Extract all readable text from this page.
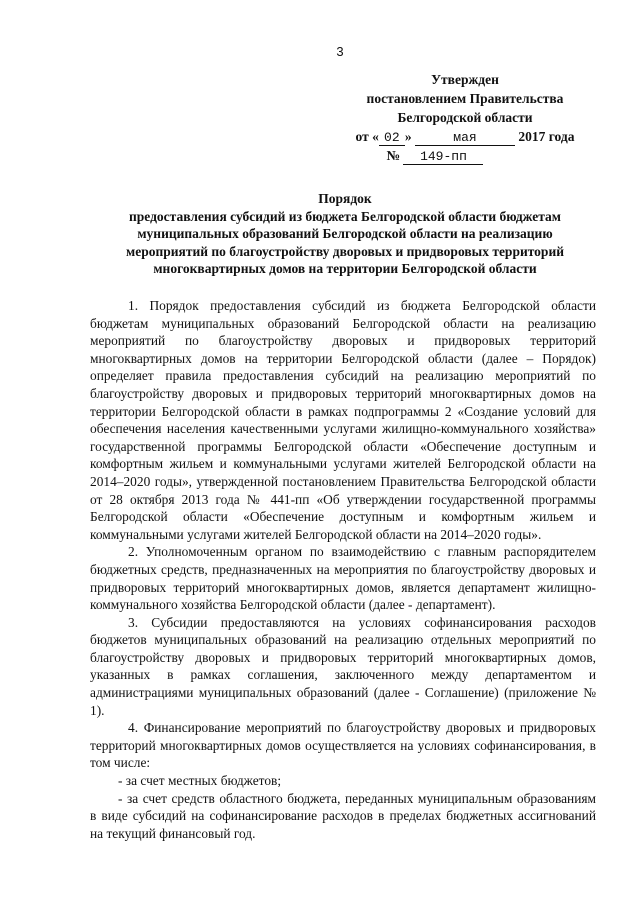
3
Утвержден
постановлением Правительства
Белгородской области
от « 02 »	мая	2017 года
№ 149-пп
Порядок
предоставления субсидий из бюджета Белгородской области бюджетам муниципальных образований Белгородской области на реализацию мероприятий по благоустройству дворовых и придворовых территорий многоквартирных домов на территории Белгородской области

1. Порядок предоставления субсидий из бюджета Белгородской области бюджетам муниципальных образований Белгородской области на реализацию мероприятий по благоустройству дворовых и придворовых территорий многоквартирных домов на территории Белгородской области (далее – Порядок) определяет правила предоставления субсидий на реализацию мероприятий по благоустройству дворовых и придворовых территорий многоквартирных домов на территории Белгородской области в рамках подпрограммы 2 «Создание условий для обеспечения населения качественными услугами жилищно-коммунального хозяйства» государственной программы Белгородской области «Обеспечение доступным и комфортным жильем и коммунальными услугами жителей Белгородской области на 2014–2020 годы», утвержденной постановлением Правительства Белгородской области от 28 октября 2013 года № 441-пп «Об утверждении государственной программы Белгородской области «Обеспечение доступным и комфортным жильем и коммунальными услугами жителей Белгородской области на 2014–2020 годы».

2. Уполномоченным органом по взаимодействию с главным распорядителем бюджетных средств, предназначенных на мероприятия по благоустройству дворовых и придворовых территорий многоквартирных домов, является департамент жилищно-коммунального хозяйства Белгородской области (далее - департамент).

3. Субсидии предоставляются на условиях софинансирования расходов бюджетов муниципальных образований на реализацию отдельных мероприятий по благоустройству дворовых и придворовых территорий многоквартирных домов, указанных в рамках соглашения, заключенного между департаментом и администрациями муниципальных образований (далее - Соглашение) (приложение № 1).

4. Финансирование мероприятий по благоустройству дворовых и придворовых территорий многоквартирных домов осуществляется на условиях софинансирования, в том числе:

- за счет местных бюджетов;

- за счет средств областного бюджета, переданных муниципальным образованиям в виде субсидий на софинансирование расходов в пределах бюджетных ассигнований на текущий финансовый год.
